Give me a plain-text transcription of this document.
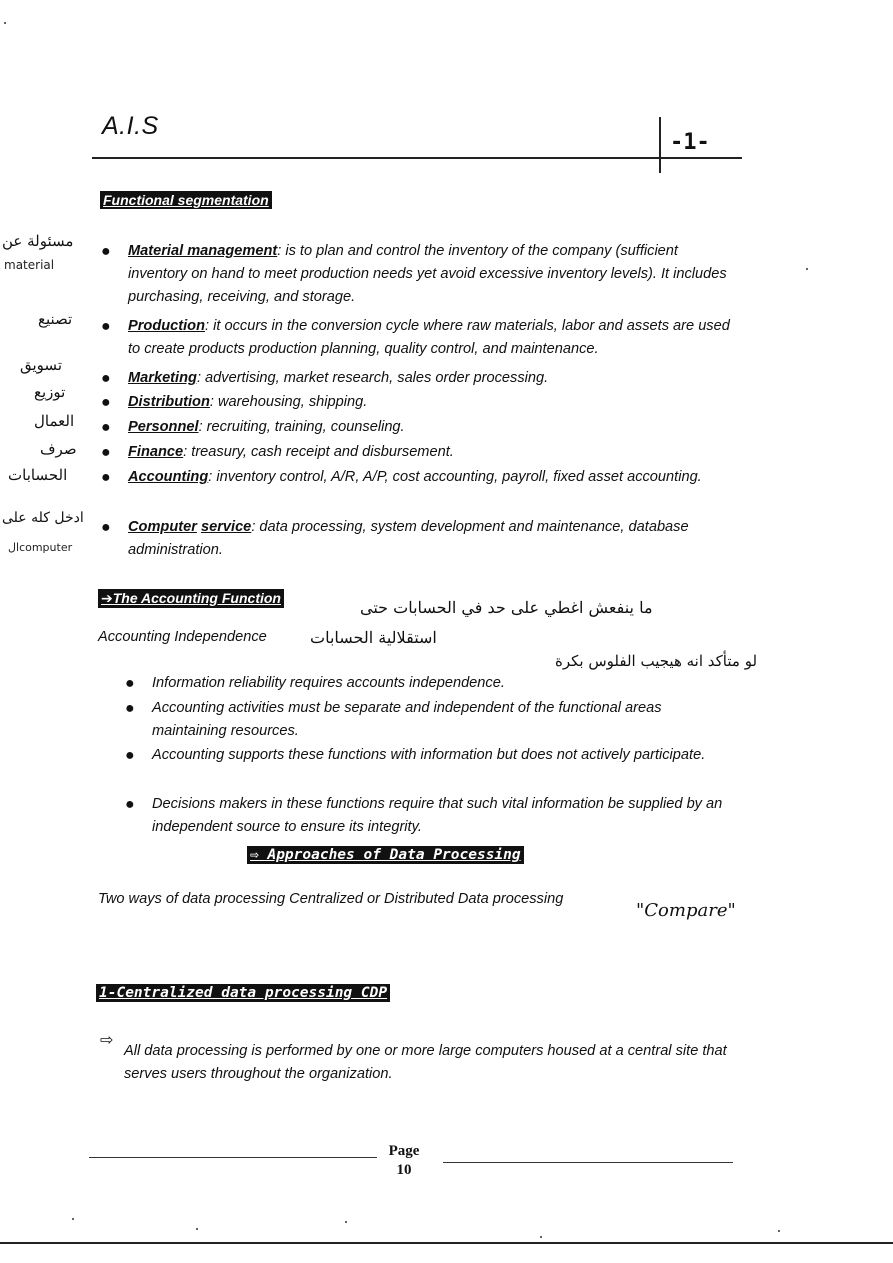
A.I.S
-1-
Functional segmentation
مسئولة عن
material
تصنيع
تسويق
توزيع
العمال
صرف
الحسابات
ادخل كله على
الcomputer
● Material management: is to plan and control the inventory of the company (sufficient inventory on hand to meet production needs yet avoid excessive inventory levels). It includes purchasing, receiving, and storage.
● Production: it occurs in the conversion cycle where raw materials, labor and assets are used to create products production planning, quality control, and maintenance.
● Marketing: advertising, market research, sales order processing.
● Distribution: warehousing, shipping.
● Personnel: recruiting, training, counseling.
● Finance: treasury, cash receipt and disbursement.
● Accounting: inventory control, A/R, A/P, cost accounting, payroll, fixed asset accounting.
● Computer service: data processing, system development and maintenance, database administration.
➔The Accounting Function	ما ينفعش اغطي على حد في الحسابات حتى
Accounting Independence	استقلالية الحسابات
لو متأكد انه هيجيب الفلوس بكرة
● Information reliability requires accounts independence.
● Accounting activities must be separate and independent of the functional areas maintaining resources.
● Accounting supports these functions with information but does not actively participate.
● Decisions makers in these functions require that such vital information be supplied by an independent source to ensure its integrity.
⇨ Approaches of Data Processing
Two ways of data processing Centralized or Distributed Data processing
"Compare"
1-Centralized data processing CDP
⇨
All data processing is performed by one or more large computers housed at a central site that serves users throughout the organization.
Page
10
